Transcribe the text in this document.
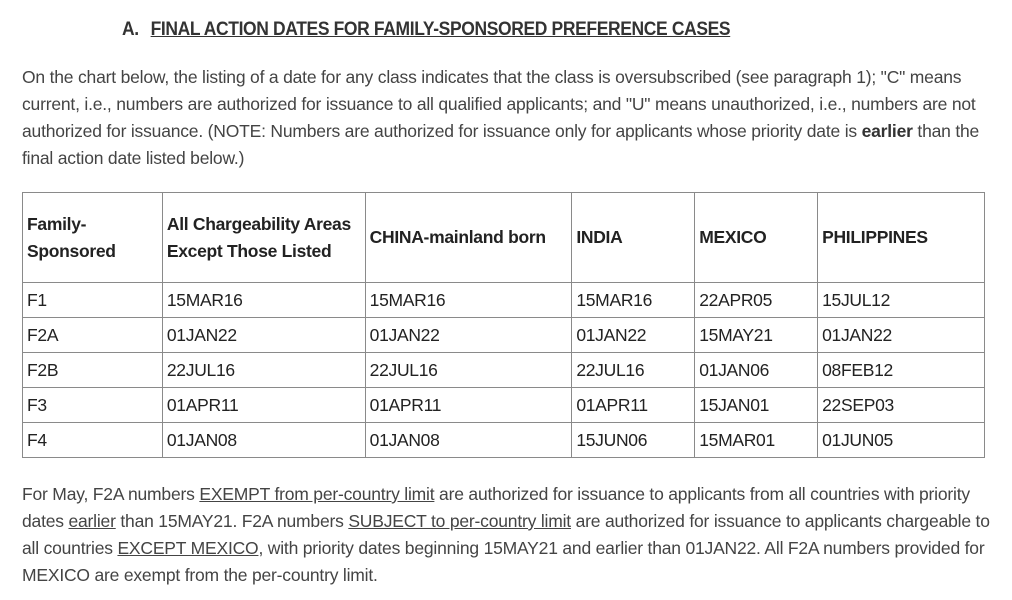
A. FINAL ACTION DATES FOR FAMILY-SPONSORED PREFERENCE CASES

On the chart below, the listing of a date for any class indicates that the class is oversubscribed (see paragraph 1); "C" means current, i.e., numbers are authorized for issuance to all qualified applicants; and "U" means unauthorized, i.e., numbers are not authorized for issuance. (NOTE: Numbers are authorized for issuance only for applicants whose priority date is earlier than the final action date listed below.)

Family-Sponsored	All Chargeability Areas Except Those Listed	CHINA-mainland born	INDIA	MEXICO	PHILIPPINES
F1	15MAR16	15MAR16	15MAR16	22APR05	15JUL12
F2A	01JAN22	01JAN22	01JAN22	15MAY21	01JAN22
F2B	22JUL16	22JUL16	22JUL16	01JAN06	08FEB12
F3	01APR11	01APR11	01APR11	15JAN01	22SEP03
F4	01JAN08	01JAN08	15JUN06	15MAR01	01JUN05

For May, F2A numbers EXEMPT from per-country limit are authorized for issuance to applicants from all countries with priority dates earlier than 15MAY21. F2A numbers SUBJECT to per-country limit are authorized for issuance to applicants chargeable to all countries EXCEPT MEXICO, with priority dates beginning 15MAY21 and earlier than 01JAN22. All F2A numbers provided for MEXICO are exempt from the per-country limit.
